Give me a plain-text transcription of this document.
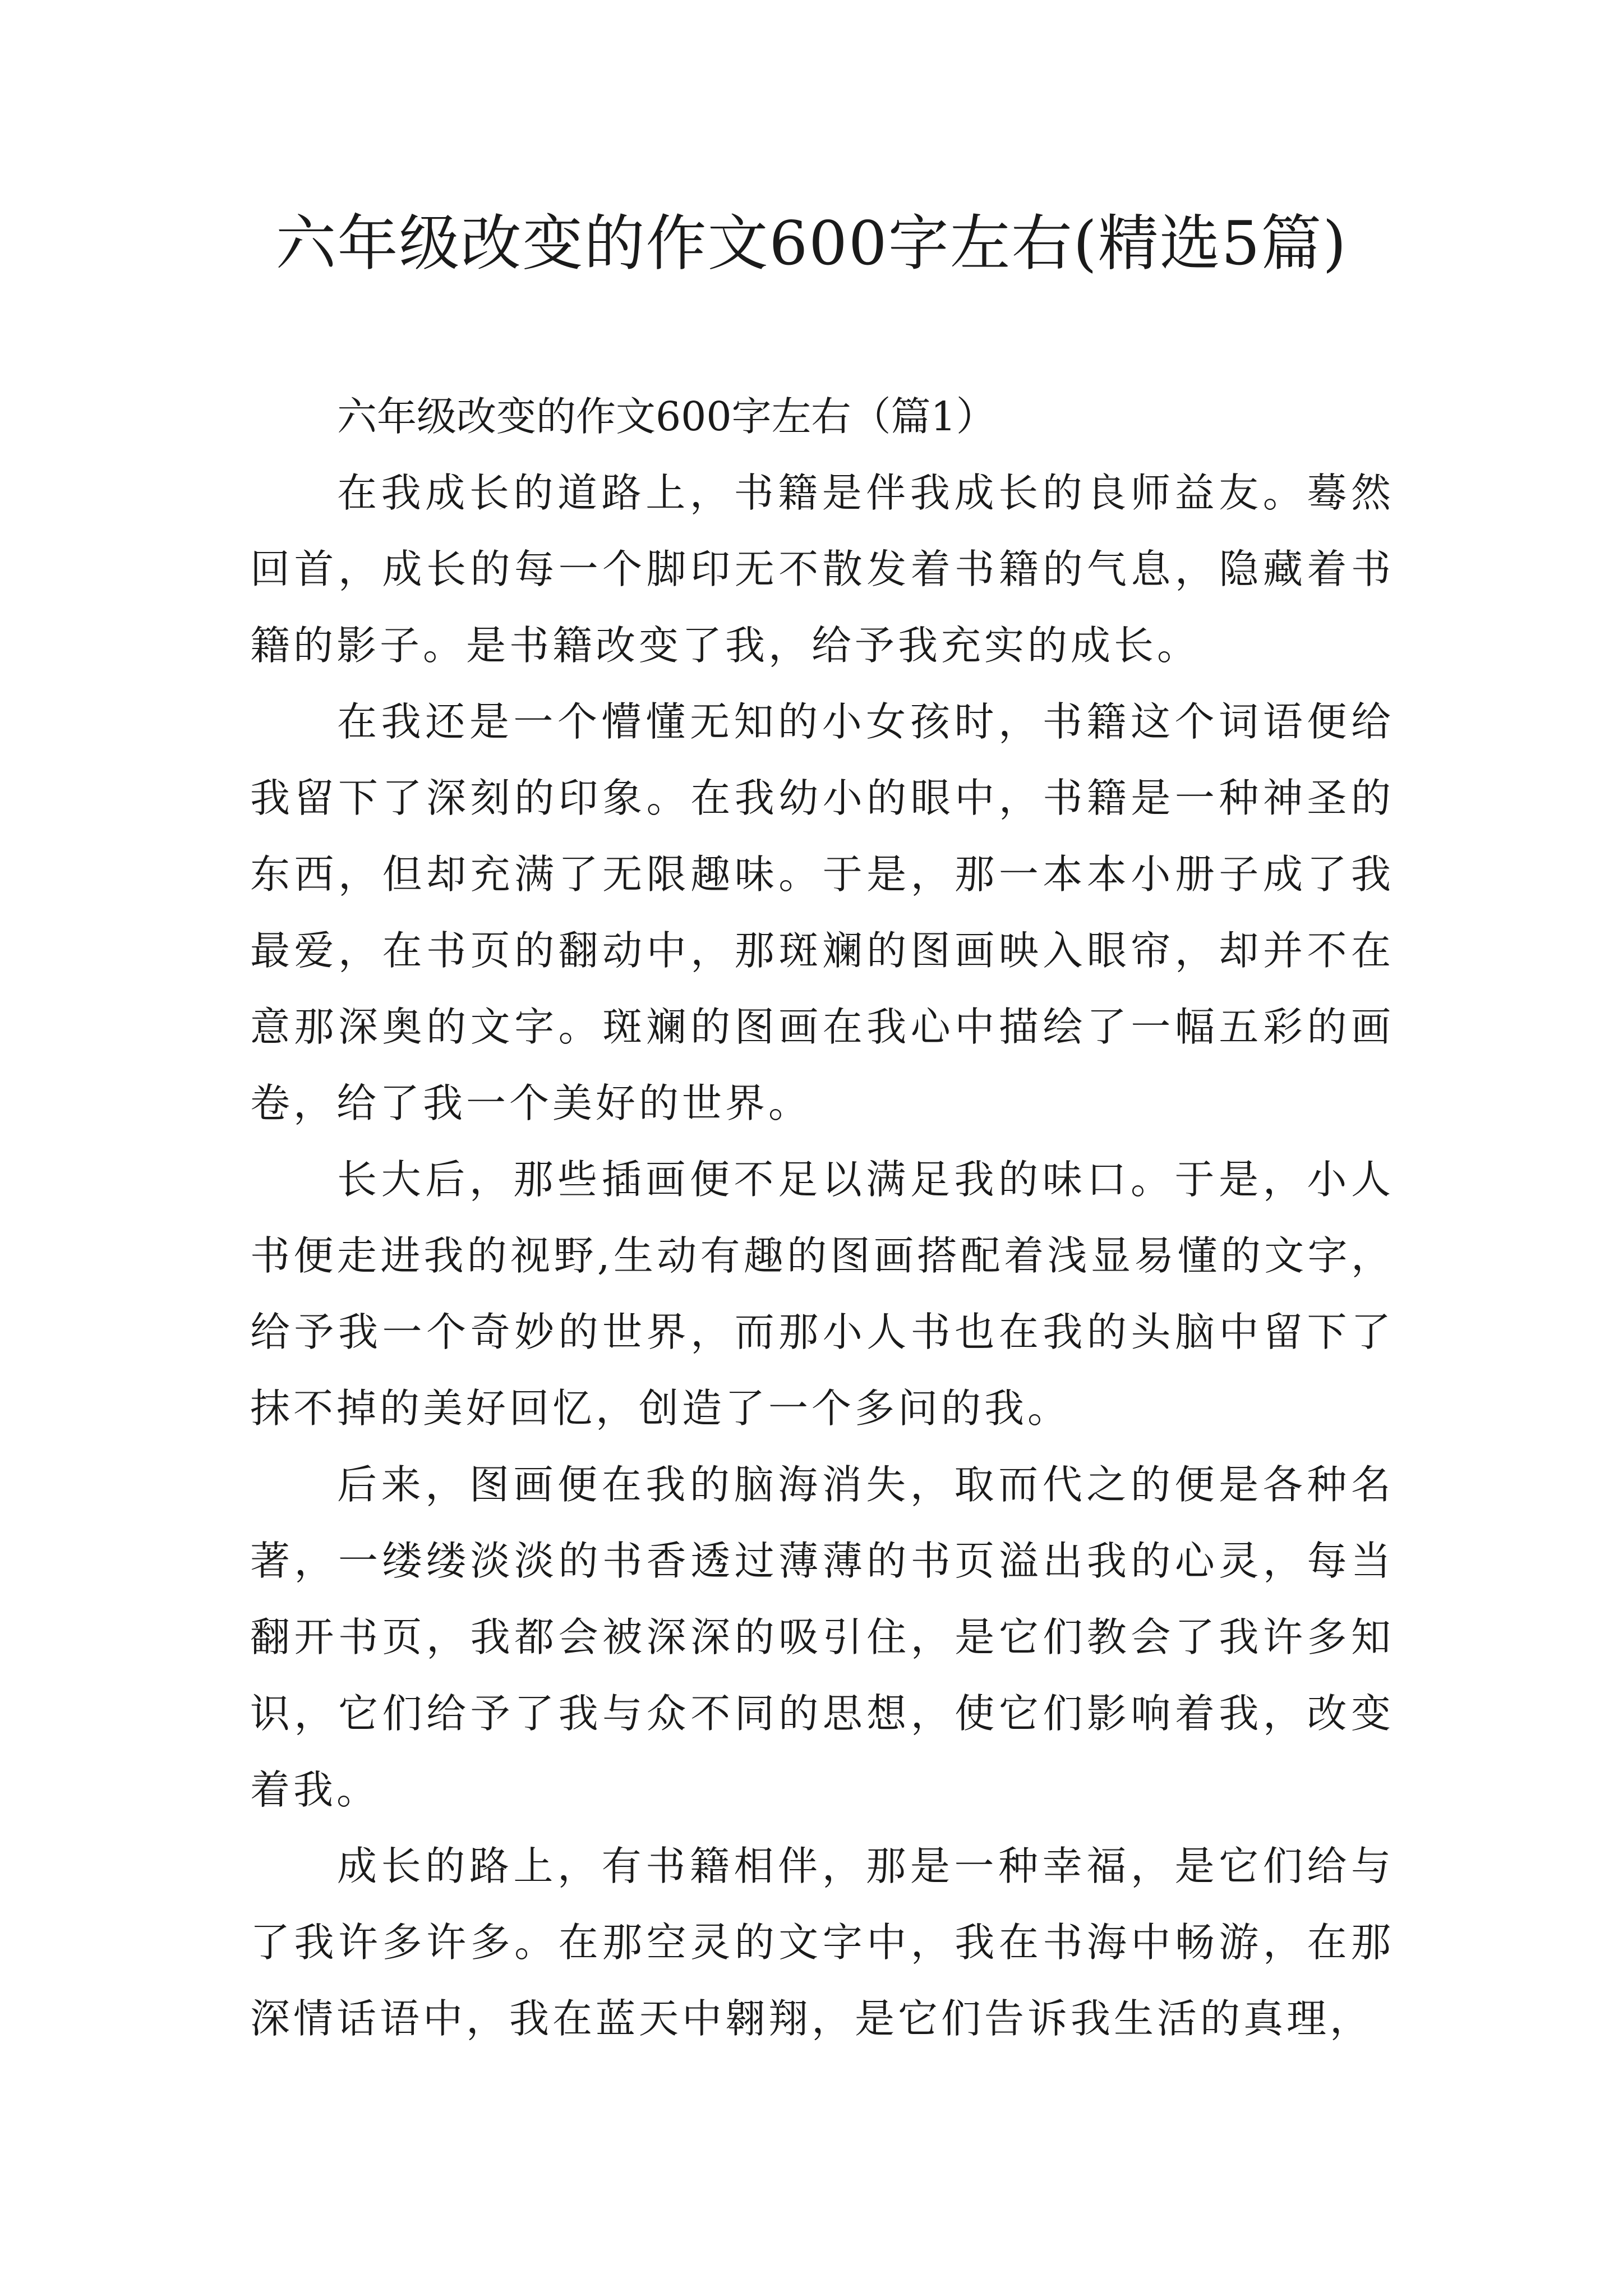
六年级改变的作文600字左右(精选5篇)

六年级改变的作文600字左右（篇1）

在我成长的道路上，书籍是伴我成长的良师益友。蓦然回首，成长的每一个脚印无不散发着书籍的气息，隐藏着书籍的影子。是书籍改变了我，给予我充实的成长。

在我还是一个懵懂无知的小女孩时，书籍这个词语便给我留下了深刻的印象。在我幼小的眼中，书籍是一种神圣的东西，但却充满了无限趣味。于是，那一本本小册子成了我最爱，在书页的翻动中，那斑斓的图画映入眼帘，却并不在意那深奥的文字。斑斓的图画在我心中描绘了一幅五彩的画卷，给了我一个美好的世界。

长大后，那些插画便不足以满足我的味口。于是，小人书便走进我的视野,生动有趣的图画搭配着浅显易懂的文字，给予我一个奇妙的世界，而那小人书也在我的头脑中留下了抹不掉的美好回忆，创造了一个多问的我。

后来，图画便在我的脑海消失，取而代之的便是各种名著，一缕缕淡淡的书香透过薄薄的书页溢出我的心灵，每当翻开书页，我都会被深深的吸引住，是它们教会了我许多知识，它们给予了我与众不同的思想，使它们影响着我，改变着我。

成长的路上，有书籍相伴，那是一种幸福，是它们给与了我许多许多。在那空灵的文字中，我在书海中畅游，在那深情话语中，我在蓝天中翱翔，是它们告诉我生活的真理，
